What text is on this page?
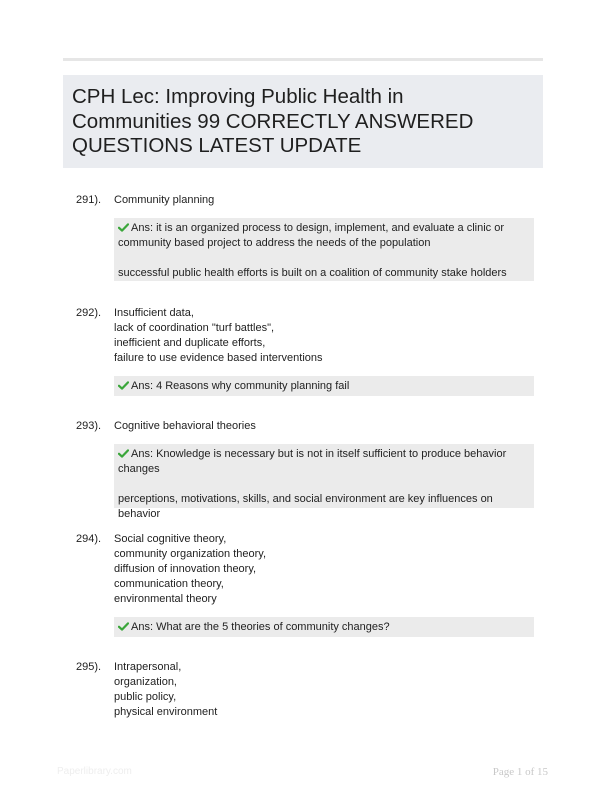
CPH Lec: Improving Public Health in
Communities 99 CORRECTLY ANSWERED
QUESTIONS LATEST UPDATE
291). Community planning

Ans: it is an organized process to design, implement, and evaluate a clinic or community based project to address the needs of the population

successful public health efforts is built on a coalition of community stake holders

292). Insufficient data,
lack of coordination "turf battles",
inefficient and duplicate efforts,
failure to use evidence based interventions

Ans: 4 Reasons why community planning fail

293). Cognitive behavioral theories

Ans: Knowledge is necessary but is not in itself sufficient to produce behavior changes

perceptions, motivations, skills, and social environment are key influences on behavior

294). Social cognitive theory,
community organization theory,
diffusion of innovation theory,
communication theory,
environmental theory

Ans: What are the 5 theories of community changes?

295). Intrapersonal,
organization,
public policy,
physical environment

Paperlibrary.com	Page 1 of 15
